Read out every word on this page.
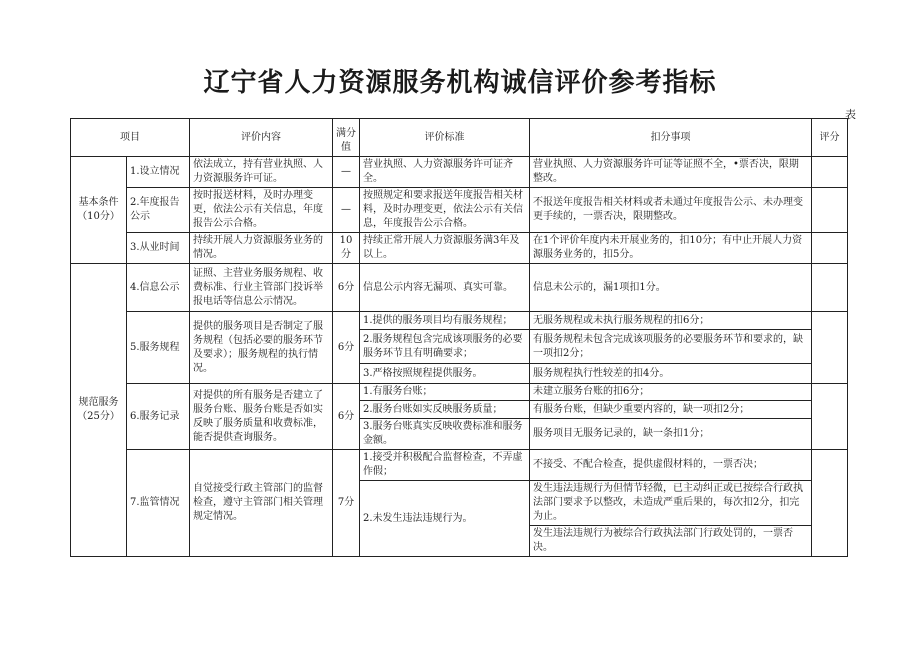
辽宁省人力资源服务机构诚信评价参考指标
表
项目		评价内容	满分值	评价标准	扣分事项	评分
基本条件（10分）	1.设立情况	依法成立，持有营业执照、人力资源服务许可证。	—	营业执照、人力资源服务许可证齐全。	营业执照、人力资源服务许可证等证照不全，•票否决，限期整改。	
	2.年度报告公示	按时报送材料，及时办理变更，依法公示有关信息，年度报告公示合格。	—	按照规定和要求报送年度报告相关材料，及时办理变更，依法公示有关信息，年度报告公示合格。	不报送年度报告相关材料或者未通过年度报告公示、未办理变更手续的，一票否决，限期整改。	
	3.从业时间	持续开展人力资源服务业务的情况。	10分	持续正常开展人力资源服务满3年及以上。	在1个评价年度内未开展业务的，扣10分；有中止开展人力资源服务业务的，扣5分。	
规范服务（25分）	4.信息公示	证照、主营业务服务规程、收费标准、行业主管部门投诉举报电话等信息公示情况。	6分	信息公示内容无漏项、真实可靠。	信息未公示的，漏1项扣1分。	
	5.服务规程	提供的服务项目是否制定了服务规程（包括必要的服务环节及要求）；服务规程的执行情况。	6分	1.提供的服务项目均有服务规程；	无服务规程或未执行服务规程的扣6分；	
				2.服务规程包含完成该项服务的必要服务环节且有明确要求；	有服务规程未包含完成该项服务的必要服务环节和要求的，缺一项扣2分；	
				3.严格按照规程提供服务。	服务规程执行性较差的扣4分。	
	6.服务记录	对提供的所有服务是否建立了服务台账、服务台账是否如实反映了服务质量和收费标准，能否提供查询服务。	6分	1.有服务台账；	未建立服务台账的扣6分；	
				2.服务台账如实反映服务质量；	有服务台账，但缺少重要内容的，缺一项扣2分；	
				3.服务台账真实反映收费标准和服务金额。	服务项目无服务记录的，缺一条扣1分；	
	7.监管情况	自觉接受行政主管部门的监督检查，遵守主管部门相关管理规定情况。	7分	1.接受并积极配合监督检查，不弄虚作假；	不接受、不配合检查，提供虚假材料的，一票否决；	
				2.未发生违法违规行为。	发生违法违规行为但情节轻微，已主动纠正或已按综合行政执法部门要求予以整改，未造成严重后果的，每次扣2分，扣完为止。	
					发生违法违规行为被综合行政执法部门行政处罚的，一票否决。	
